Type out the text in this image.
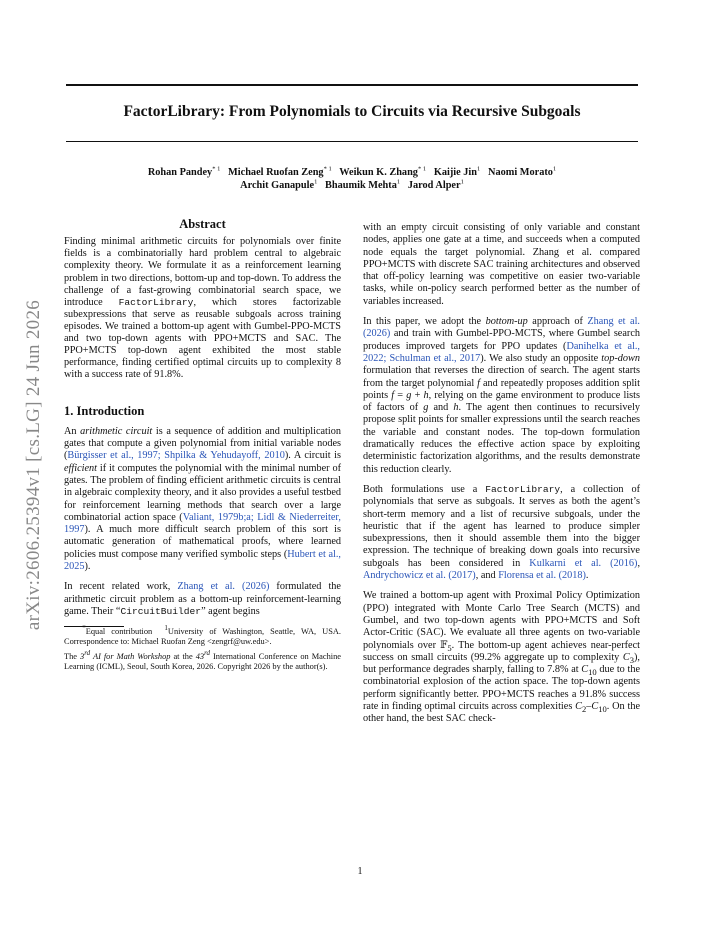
arXiv:2606.25394v1 [cs.LG] 24 Jun 2026
FactorLibrary: From Polynomials to Circuits via Recursive Subgoals
Rohan Pandey$^{* 1}$ Michael Ruofan Zeng$^{* 1}$ Weikun K. Zhang$^{* 1}$ Kaijie Jin$^1$ Naomi Morato$^1$
Archit Ganapule$^1$ Bhaumik Mehta$^1$ Jarod Alper$^1$
Abstract

Finding minimal arithmetic circuits for polynomials over finite fields is a combinatorially hard problem central to algebraic complexity theory. We formulate it as a reinforcement learning problem in two directions, bottom-up and top-down. To address the challenge of a fast-growing combinatorial search space, we introduce FactorLibrary, which stores factorizable subexpressions that serve as reusable subgoals across training episodes. We trained a bottom-up agent with Gumbel-PPO-MCTS and two top-down agents with PPO+MCTS and SAC. The PPO+MCTS top-down agent exhibited the most stable performance, finding certified optimal circuits up to complexity 8 with a success rate of 91.8%.

1. Introduction

An arithmetic circuit is a sequence of addition and multiplication gates that compute a given polynomial from initial variable nodes (Bürgisser et al., 1997; Shpilka & Yehudayoff, 2010). A circuit is efficient if it computes the polynomial with the minimal number of gates. The problem of finding efficient arithmetic circuits is central in algebraic complexity theory, and it also provides a useful testbed for reinforcement learning methods that search over a large combinatorial action space (Valiant, 1979b;a; Lidl & Niederreiter, 1997). A much more difficult search problem of this sort is automatic generation of mathematical proofs, where learned policies must compose many verified symbolic steps (Hubert et al., 2025).

In recent related work, Zhang et al. (2026) formulated the arithmetic circuit problem as a bottom-up reinforcement-learning game. Their “CircuitBuilder” agent begins

*Equal contribution $^1$University of Washington, Seattle, WA, USA. Correspondence to: Michael Ruofan Zeng <zengrf@uw.edu>.

The 3rd AI for Math Workshop at the 43rd International Conference on Machine Learning (ICML), Seoul, South Korea, 2026. Copyright 2026 by the author(s).

with an empty circuit consisting of only variable and constant nodes, applies one gate at a time, and succeeds when a computed node equals the target polynomial. Zhang et al. compared PPO+MCTS with discrete SAC training architectures and observed that off-policy learning was competitive on easier two-variable tasks, while on-policy search performed better as the number of variables increased.

In this paper, we adopt the bottom-up approach of Zhang et al. (2026) and train with Gumbel-PPO-MCTS, where Gumbel search produces improved targets for PPO updates (Danihelka et al., 2022; Schulman et al., 2017). We also study an opposite top-down formulation that reverses the direction of search. The agent starts from the target polynomial f and repeatedly proposes addition split points f = g + h, relying on the game environment to produce lists of factors of g and h. The agent then continues to recursively propose split points for smaller expressions until the search reaches the variable and constant nodes. The top-down formulation dramatically reduces the effective action space by exploiting deterministic factorization algorithms, and the results demonstrate this reduction clearly.

Both formulations use a FactorLibrary, a collection of polynomials that serve as subgoals. It serves as both the agent’s short-term memory and a list of recursive subgoals, under the heuristic that if the agent has learned to produce simpler subexpressions, then it should assemble them into the bigger expression. The technique of breaking down goals into recursive subgoals has been considered in Kulkarni et al. (2016), Andrychowicz et al. (2017), and Florensa et al. (2018).

We trained a bottom-up agent with Proximal Policy Optimization (PPO) integrated with Monte Carlo Tree Search (MCTS) and Gumbel, and two top-down agents with PPO+MCTS and Soft Actor-Critic (SAC). We evaluate all three agents on two-variable polynomials over 𝔽$_5$. The bottom-up agent achieves near-perfect success on small circuits (99.2% aggregate up to complexity $C_3$), but performance degrades sharply, falling to 7.8% at $C_{10}$ due to the combinatorial explosion of the action space. The top-down agents perform significantly better. PPO+MCTS reaches a 91.8% success rate in finding optimal circuits across complexities $C_2-C_{10}$. On the other hand, the best SAC check-

1
